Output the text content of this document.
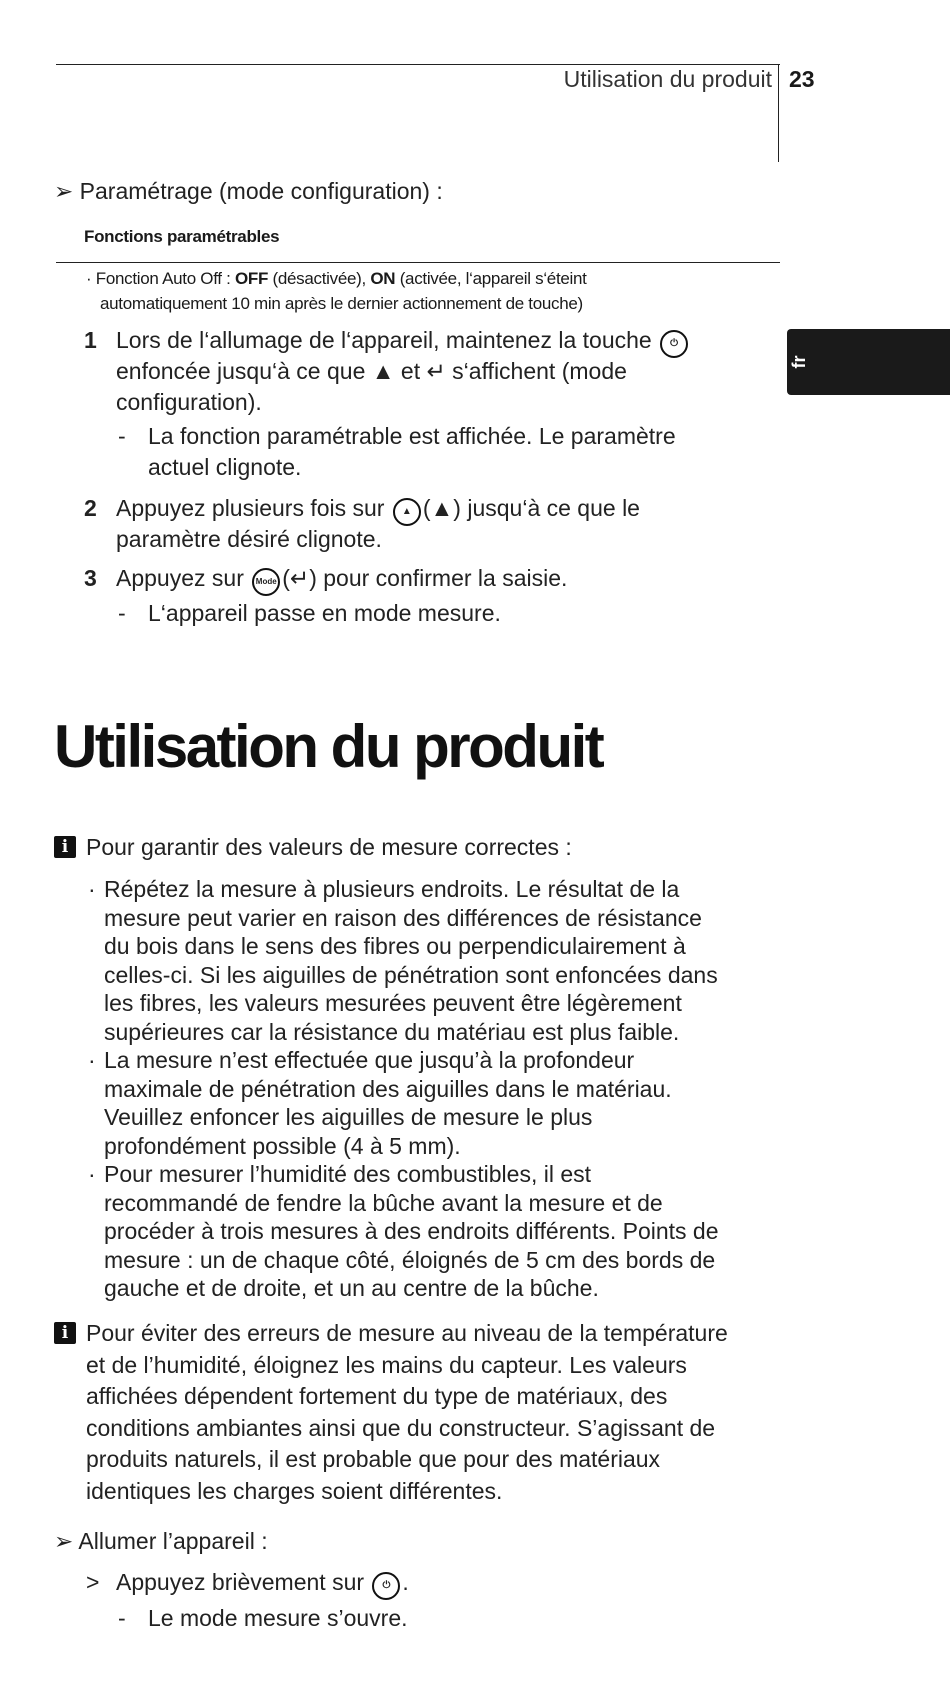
Utilisation du produit 23
fr
➢ Paramétrage (mode configuration) :
Fonctions paramétrables
· Fonction Auto Off : OFF (désactivée), ON (activée, l‘appareil s‘éteint
automatiquement 10 min après le dernier actionnement de touche)
1 Lors de l‘allumage de l‘appareil, maintenez la touche ⏻
enfoncée jusqu‘à ce que ▲ et ↵ s‘affichent (mode
configuration).
- La fonction paramétrable est affichée. Le paramètre
actuel clignote.
2 Appuyez plusieurs fois sur ▲ (▲) jusqu‘à ce que le
paramètre désiré clignote.
3 Appuyez sur Mode (↵) pour confirmer la saisie.
- L‘appareil passe en mode mesure.
Utilisation du produit
i Pour garantir des valeurs de mesure correctes :
· Répétez la mesure à plusieurs endroits. Le résultat de la
mesure peut varier en raison des différences de résistance
du bois dans le sens des fibres ou perpendiculairement à
celles-ci. Si les aiguilles de pénétration sont enfoncées dans
les fibres, les valeurs mesurées peuvent être légèrement
supérieures car la résistance du matériau est plus faible.
· La mesure n’est effectuée que jusqu’à la profondeur
maximale de pénétration des aiguilles dans le matériau.
Veuillez enfoncer les aiguilles de mesure le plus
profondément possible (4 à 5 mm).
· Pour mesurer l’humidité des combustibles, il est
recommandé de fendre la bûche avant la mesure et de
procéder à trois mesures à des endroits différents. Points de
mesure : un de chaque côté, éloignés de 5 cm des bords de
gauche et de droite, et un au centre de la bûche.
i Pour éviter des erreurs de mesure au niveau de la température
et de l’humidité, éloignez les mains du capteur. Les valeurs
affichées dépendent fortement du type de matériaux, des
conditions ambiantes ainsi que du constructeur. S’agissant de
produits naturels, il est probable que pour des matériaux
identiques les charges soient différentes.
➢ Allumer l’appareil :
> Appuyez brièvement sur ⏻ .
- Le mode mesure s’ouvre.
